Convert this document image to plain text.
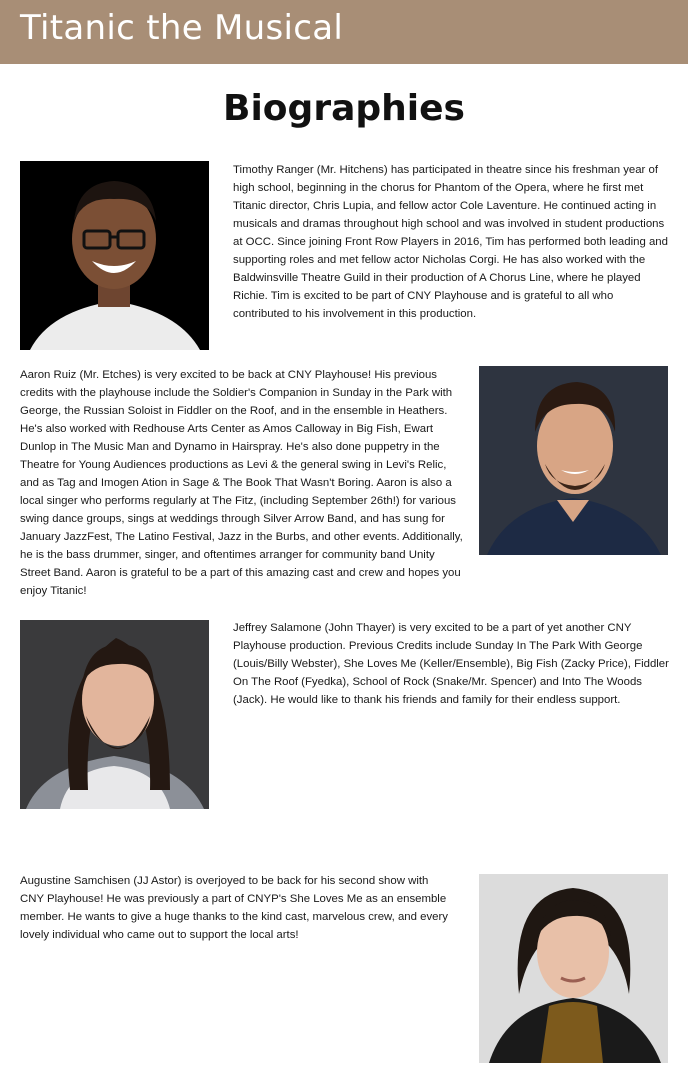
Titanic the Musical
Biographies

Timothy Ranger (Mr. Hitchens) has participated in theatre since his freshman year of high school, beginning in the chorus for Phantom of the Opera, where he first met Titanic director, Chris Lupia, and fellow actor Cole Laventure. He continued acting in musicals and dramas throughout high school and was involved in student productions at OCC. Since joining Front Row Players in 2016, Tim has performed both leading and supporting roles and met fellow actor Nicholas Corgi. He has also worked with the Baldwinsville Theatre Guild in their production of A Chorus Line, where he played Richie. Tim is excited to be part of CNY Playhouse and is grateful to all who contributed to his involvement in this production.

Aaron Ruiz (Mr. Etches) is very excited to be back at CNY Playhouse! His previous credits with the playhouse include the Soldier's Companion in Sunday in the Park with George, the Russian Soloist in Fiddler on the Roof, and in the ensemble in Heathers. He's also worked with Redhouse Arts Center as Amos Calloway in Big Fish, Ewart Dunlop in The Music Man and Dynamo in Hairspray. He's also done puppetry in the Theatre for Young Audiences productions as Levi & the general swing in Levi's Relic, and as Tag and Imogen Ation in Sage & The Book That Wasn't Boring. Aaron is also a local singer who performs regularly at The Fitz, (including September 26th!) for various swing dance groups, sings at weddings through Silver Arrow Band, and has sung for January JazzFest, The Latino Festival, Jazz in the Burbs, and other events. Additionally, he is the bass drummer, singer, and oftentimes arranger for community band Unity Street Band. Aaron is grateful to be a part of this amazing cast and crew and hopes you enjoy Titanic!

Jeffrey Salamone (John Thayer) is very excited to be a part of yet another CNY Playhouse production. Previous Credits include Sunday In The Park With George (Louis/Billy Webster), She Loves Me (Keller/Ensemble), Big Fish (Zacky Price), Fiddler On The Roof (Fyedka), School of Rock (Snake/Mr. Spencer) and Into The Woods (Jack). He would like to thank his friends and family for their endless support.

Augustine Samchisen (JJ Astor) is overjoyed to be back for his second show with CNY Playhouse! He was previously a part of CNYP's She Loves Me as an ensemble member. He wants to give a huge thanks to the kind cast, marvelous crew, and every lovely individual who came out to support the local arts!
